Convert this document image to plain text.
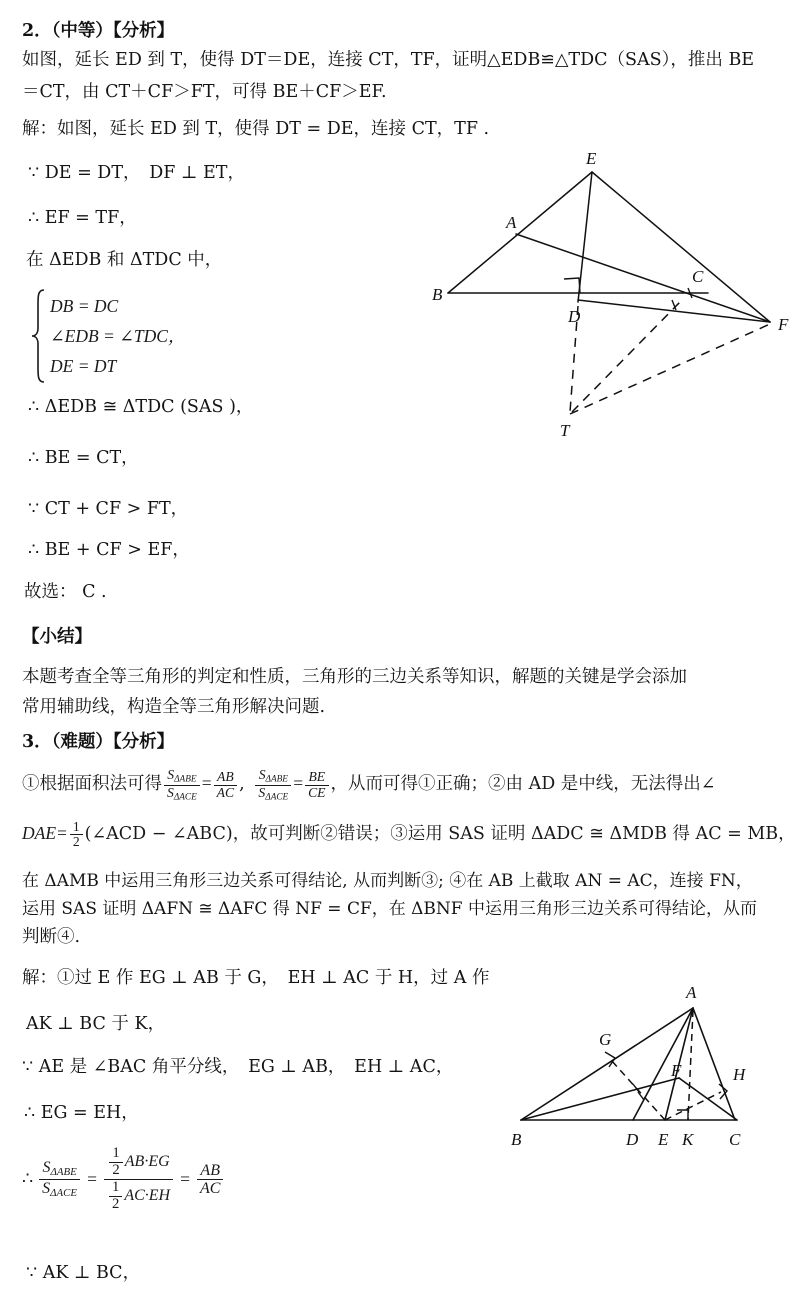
2．（中等）【分析】
如图，延长 ED 到 T，使得 DT＝DE，连接 CT，TF，证明△EDB≌△TDC（SAS），推出 BE
＝CT，由 CT＋CF＞FT，可得 BE＋CF＞EF.
解：如图，延长 ED 到 T，使得 DT = DE，连接 CT，TF .
∵ DE = DT，　DF ⊥ ET，
∴ EF = TF，
在 ΔEDB 和 ΔTDC 中，
DB = DC
∠EDB = ∠TDC，
DE = DT
∴ ΔEDB ≅ ΔTDC (SAS )，
∴ BE = CT，
∵ CT + CF > FT，
∴ BE + CF > EF，
故选： C .
【小结】
本题考查全等三角形的判定和性质，三角形的三边关系等知识，解题的关键是学会添加
常用辅助线，构造全等三角形解决问题.
E
A
B
D
C
F
T
3．（难题）【分析】
①根据面积法可得 $\frac{S_{\Delta ABE}}{S_{\Delta ACE}} = \frac{AB}{AC}$ , $\frac{S_{\Delta ABE}}{S_{\Delta ACE}} = \frac{BE}{CE}$ ，从而可得①正确；②由 AD 是中线，无法得出∠
$DAE= \frac{1}{2}$ (∠ACD − ∠ABC)，故可判断②错误；③运用 SAS 证明 ΔADC ≅ ΔMDB 得 AC = MB，
在 ΔAMB 中运用三角形三边关系可得结论, 从而判断③; ④在 AB 上截取 AN = AC，连接 FN，
运用 SAS 证明 ΔAFN ≅ ΔAFC 得 NF = CF，在 ΔBNF 中运用三角形三边关系可得结论，从而
判断④.
解：①过 E 作 EG ⊥ AB 于 G，　EH ⊥ AC 于 H，过 A 作
AK ⊥ BC 于 K，
∵ AE 是 ∠BAC 角平分线，　EG ⊥ AB，　EH ⊥ AC，
∴ EG = EH，
∴ $\frac{S_{\Delta ABE}}{S_{\Delta ACE}} = \frac{\frac{1}{2} AB\cdot EG}{\frac{1}{2} AC\cdot EH} = \frac{AB}{AC}$
∵ AK ⊥ BC，
A
G
B	D E K C
F	H
